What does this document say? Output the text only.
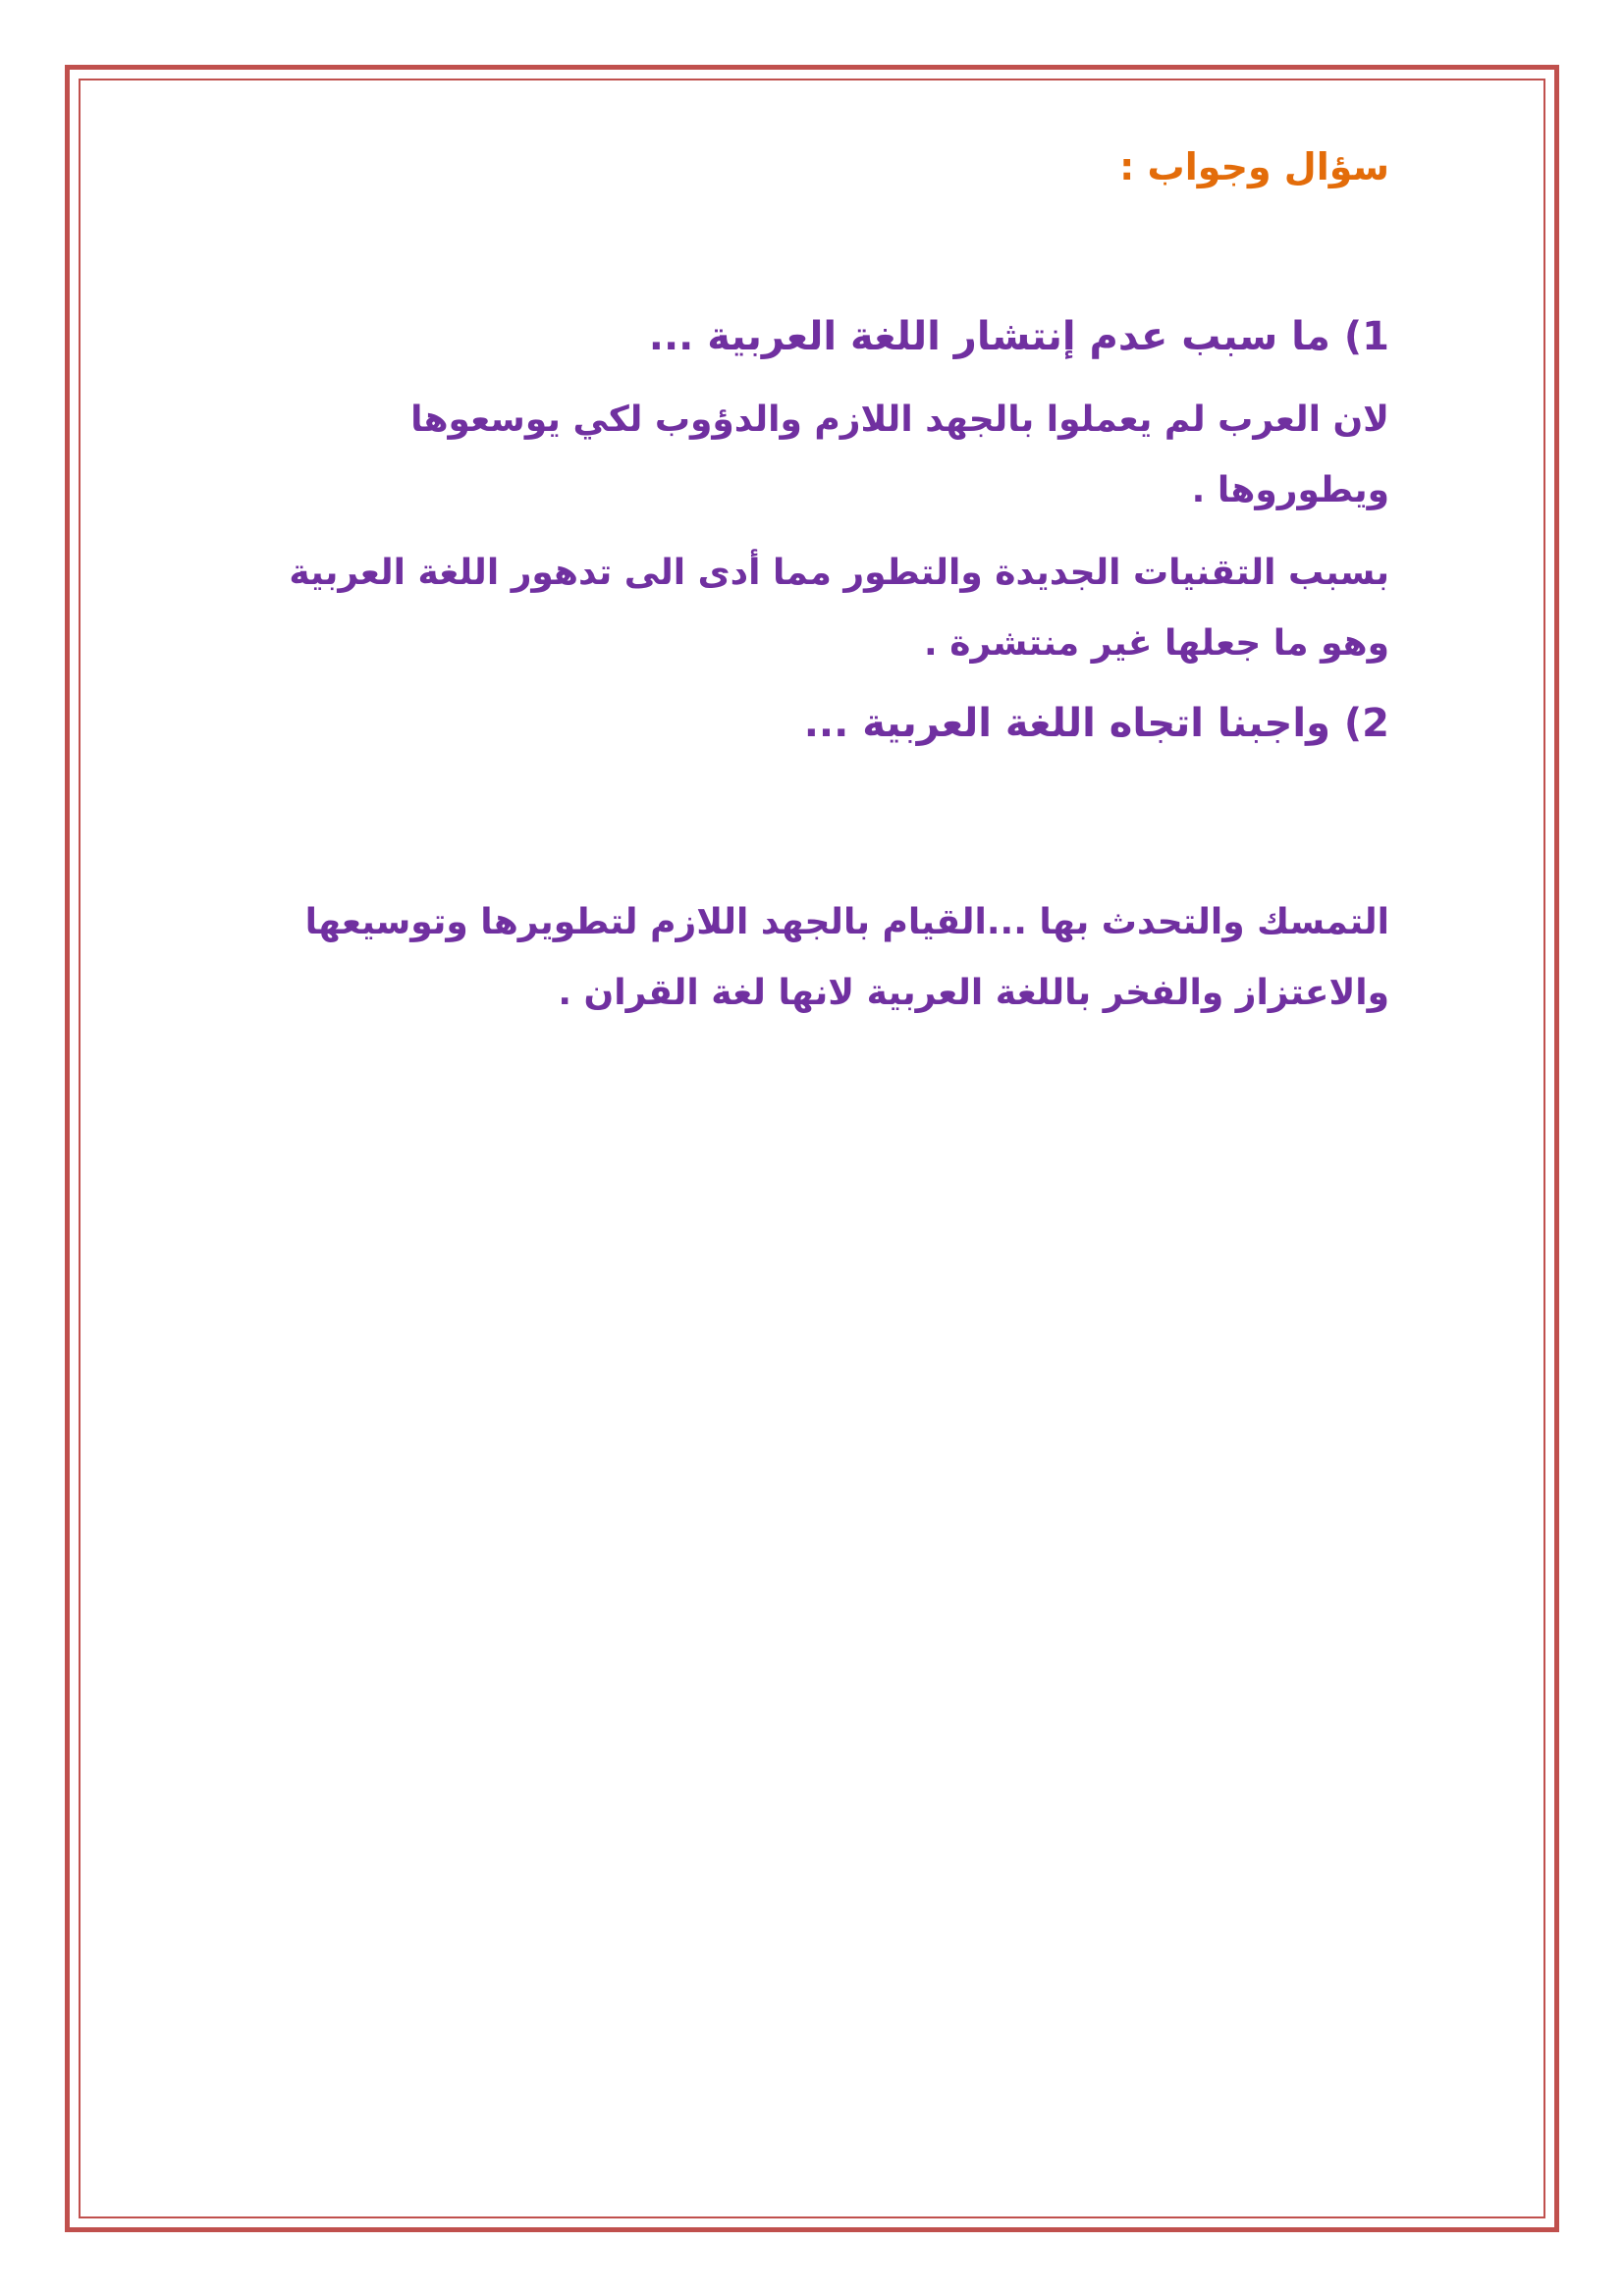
سؤال وجواب :
1) ما سبب عدم إنتشار اللغة العربية ...
لان العرب لم يعملوا بالجهد اللازم والدؤوب لكي يوسعوها ويطوروها .
بسبب التقنيات الجديدة والتطور مما أدى الى تدهور اللغة العربية وهو ما جعلها غير منتشرة .
2) واجبنا اتجاه اللغة العربية ...
التمسك والتحدث بها ...القيام بالجهد اللازم لتطويرها وتوسيعها والاعتزاز والفخر باللغة العربية لانها لغة القران .
